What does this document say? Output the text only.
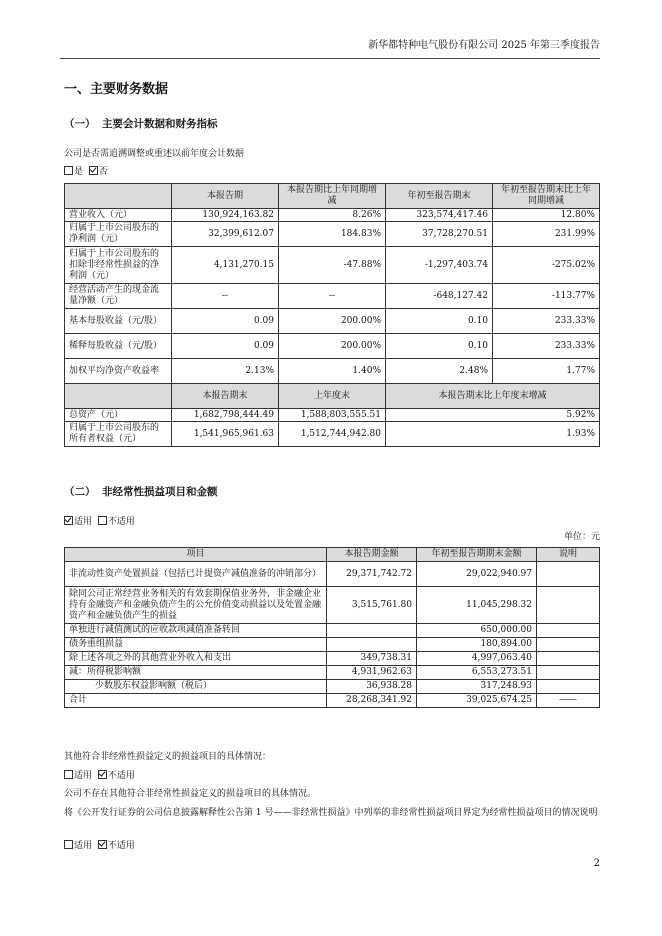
新华都特种电气股份有限公司 2025 年第三季度报告
一、主要财务数据
（一） 主要会计数据和财务指标
公司是否需追溯调整或重述以前年度会计数据
是 否
	本报告期	本报告期比上年同期增减	年初至报告期末	年初至报告期末比上年同期增减
营业收入（元）	130,924,163.82	8.26%	323,574,417.46	12.80%
归属于上市公司股东的净利润（元）	32,399,612.07	184.83%	37,728,270.51	231.99%
归属于上市公司股东的扣除非经常性损益的净利润（元）	4,131,270.15	-47.88%	-1,297,403.74	-275.02%
经营活动产生的现金流量净额（元）	--	--	-648,127.42	-113.77%
基本每股收益（元/股）	0.09	200.00%	0.10	233.33%
稀释每股收益（元/股）	0.09	200.00%	0.10	233.33%
加权平均净资产收益率	2.13%	1.40%	2.48%	1.77%
	本报告期末	上年度末	本报告期末比上年度末增减	
总资产（元）	1,682,798,444.49	1,588,803,555.51	5.92%	
归属于上市公司股东的所有者权益（元）	1,541,965,961.63	1,512,744,942.80	1.93%	
（二） 非经常性损益项目和金额
适用 不适用
单位：元
项目	本报告期金额	年初至报告期期末金额	说明
非流动性资产处置损益（包括已计提资产减值准备的冲销部分）	29,371,742.72	29,022,940.97	
除同公司正常经营业务相关的有效套期保值业务外，非金融企业持有金融资产和金融负债产生的公允价值变动损益以及处置金融资产和金融负债产生的损益	3,515,761.80	11,045,298.32	
单独进行减值测试的应收款项减值准备转回		650,000.00	
债务重组损益		180,894.00	
除上述各项之外的其他营业外收入和支出	349,738.31	4,997,063.40	
减：所得税影响额	4,931,962.63	6,553,273.51	
少数股东权益影响额（税后）	36,938.28	317,248.93	
合计	28,268,341.92	39,025,674.25	——
其他符合非经常性损益定义的损益项目的具体情况：
适用 不适用
公司不存在其他符合非经常性损益定义的损益项目的具体情况。
将《公开发行证券的公司信息披露解释性公告第 1 号——非经常性损益》中列举的非经常性损益项目界定为经常性损益项目的情况说明
适用 不适用
2
